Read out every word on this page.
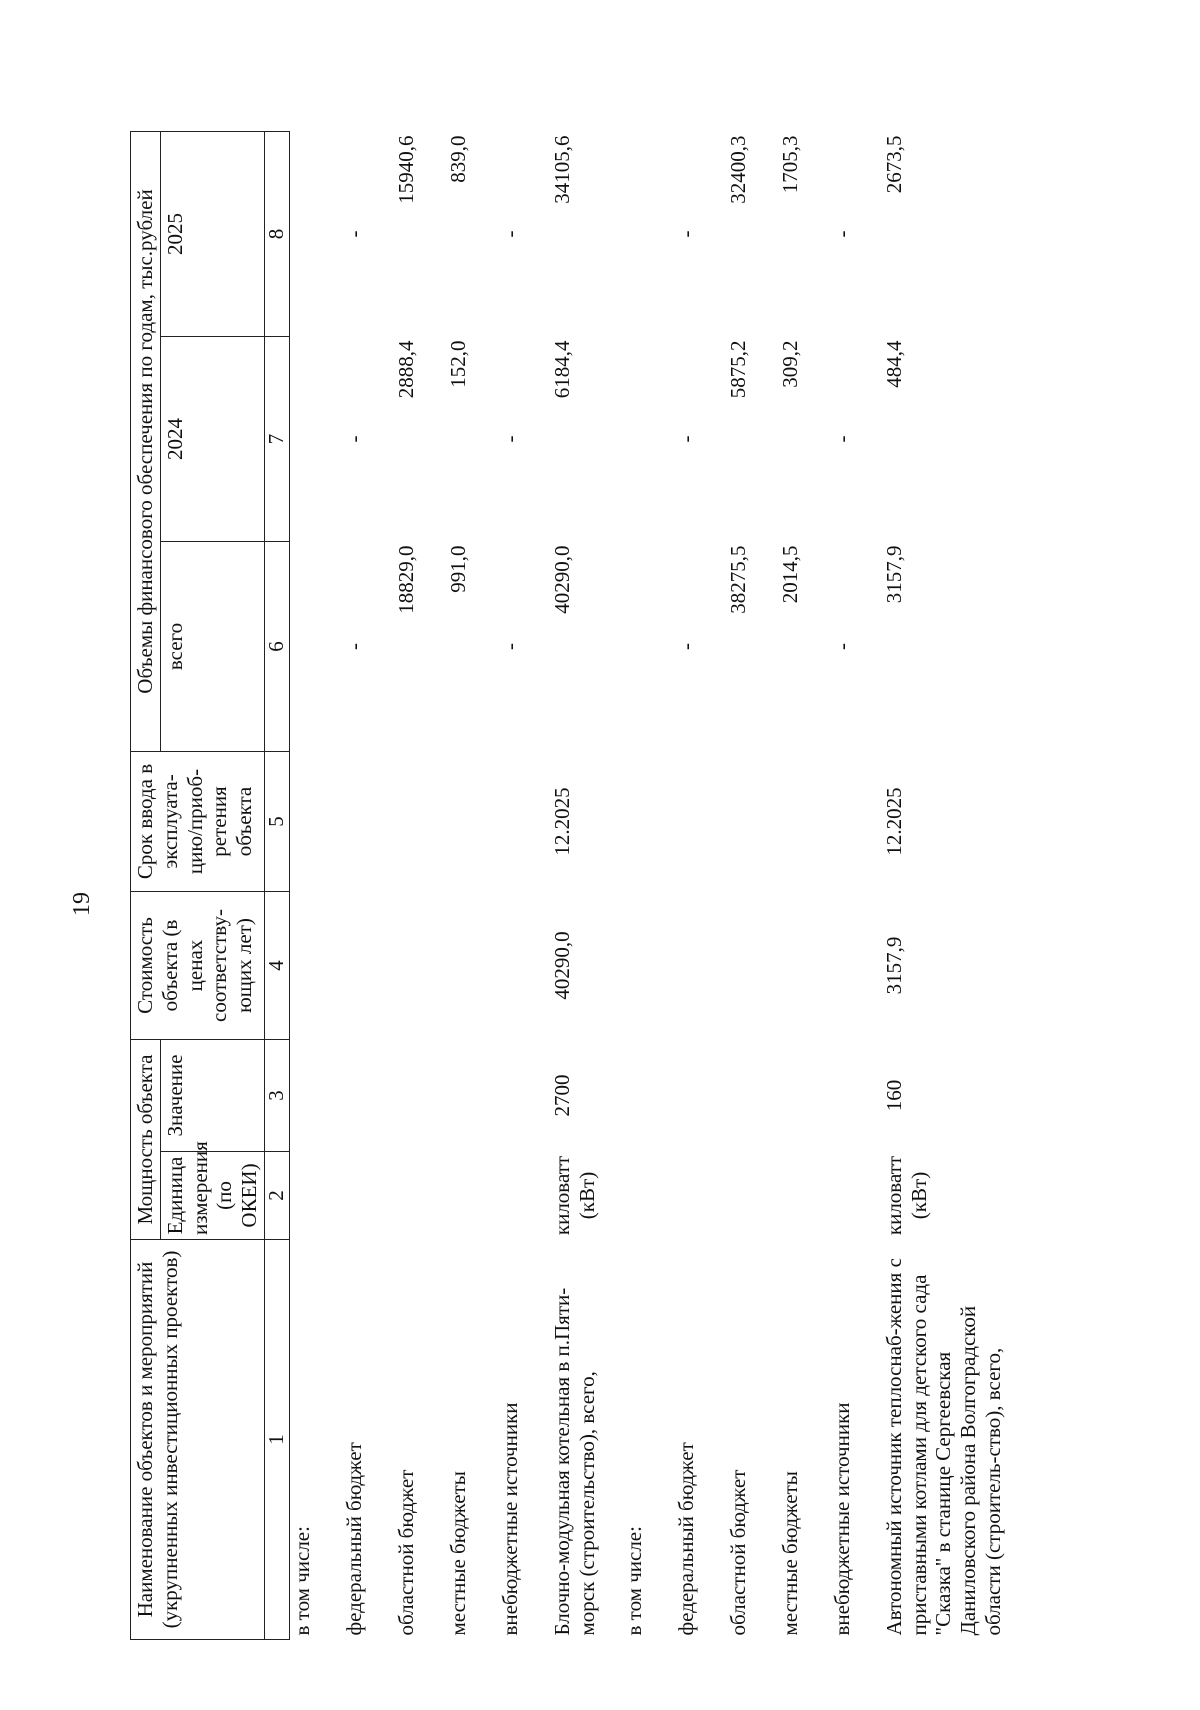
19
Наименование объектов и мероприятий (укрупненных инвестиционных проектов)	Мощность объекта		Стоимость объекта (в ценах соответству-ющих лет)	Срок ввода в эксплуата-цию/приоб-ретения объекта	Объемы финансового обеспечения по годам, тыс.рублей		
	Единица измерения (по ОКЕИ)	Значение			всего	2024	2025
1	2	3	4	5	6	7	8
в том числе:							
федеральный бюджет					-	-	-
областной бюджет					18829,0	2888,4	15940,6
местные бюджеты					991,0	152,0	839,0
внебюджетные источники					-	-	-
Блочно-модульная котельная в п.Пяти-морск (строительство), всего,	киловатт (кВт)	2700	40290,0	12.2025	40290,0	6184,4	34105,6
в том числе:							
федеральный бюджет					-	-	-
областной бюджет					38275,5	5875,2	32400,3
местные бюджеты					2014,5	309,2	1705,3
внебюджетные источники					-	-	-
Автономный источник теплоснаб-жения с приставными котлами для детского сада "Сказка" в станице Сергеевская Даниловского района Волгоградской области (строитель-ство), всего,	киловатт (кВт)	160	3157,9	12.2025	3157,9	484,4	2673,5
